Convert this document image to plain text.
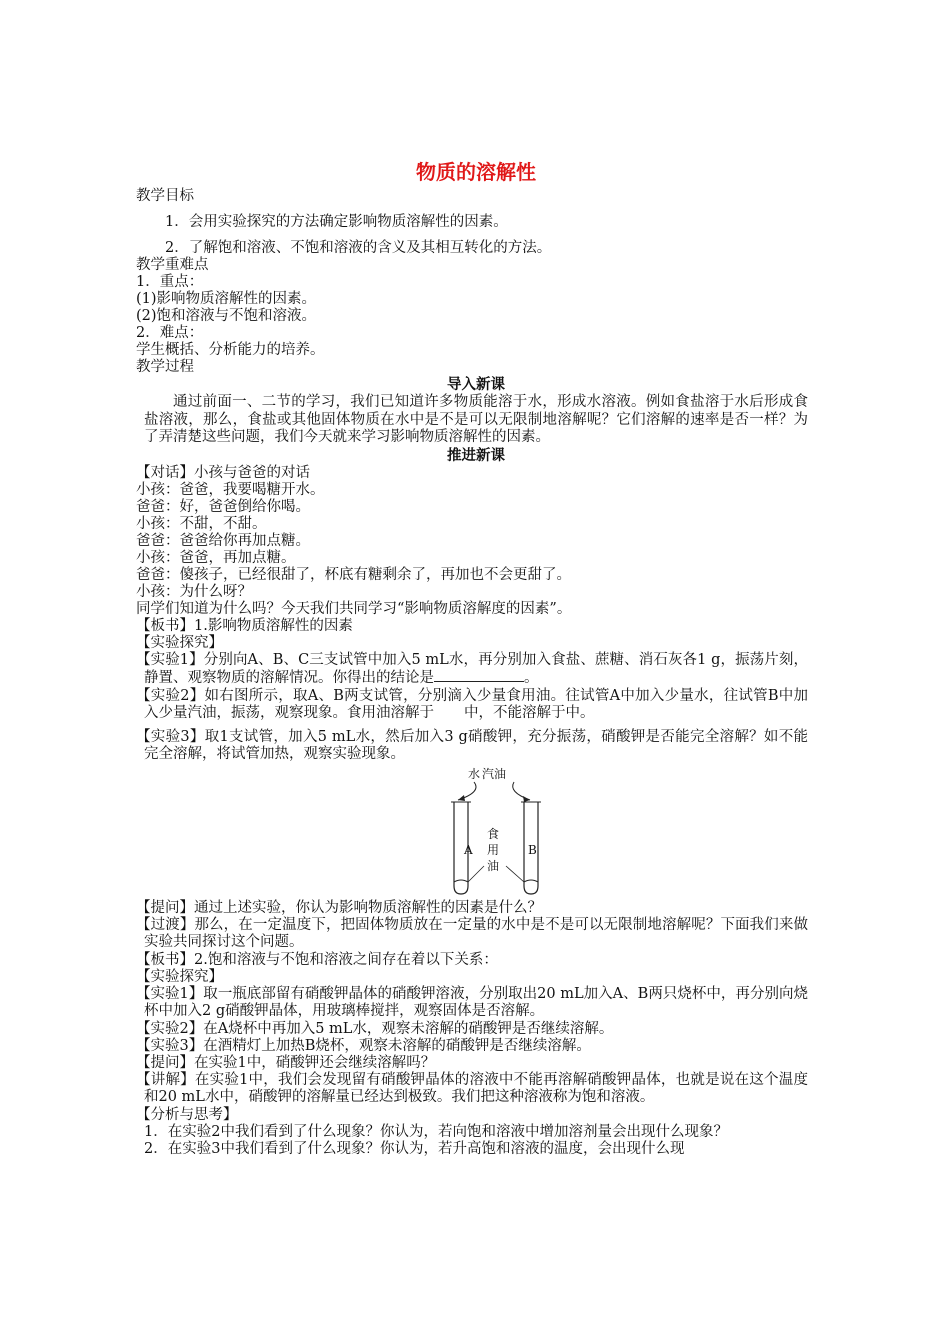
物质的溶解性

教学目标

1．会用实验探究的方法确定影响物质溶解性的因素。

2．了解饱和溶液、不饱和溶液的含义及其相互转化的方法。

教学重难点

1．重点：

(1)影响物质溶解性的因素。

(2)饱和溶液与不饱和溶液。

2．难点：

学生概括、分析能力的培养。

教学过程

导入新课

通过前面一、二节的学习，我们已知道许多物质能溶于水，形成水溶液。例如食盐溶于水后形成食盐溶液，那么，食盐或其他固体物质在水中是不是可以无限制地溶解呢？它们溶解的速率是否一样？为了弄清楚这些问题，我们今天就来学习影响物质溶解性的因素。

推进新课

【对话】小孩与爸爸的对话

小孩：爸爸，我要喝糖开水。

爸爸：好，爸爸倒给你喝。

小孩：不甜，不甜。

爸爸：爸爸给你再加点糖。

小孩：爸爸，再加点糖。

爸爸：傻孩子，已经很甜了，杯底有糖剩余了，再加也不会更甜了。

小孩：为什么呀？

同学们知道为什么吗？今天我们共同学习“影响物质溶解度的因素”。

【板书】1.影响物质溶解性的因素

【实验探究】

【实验1】分别向A、B、C三支试管中加入5 mL水，再分别加入食盐、蔗糖、消石灰各1 g，振荡片刻，静置、观察物质的溶解情况。你得出的结论是	。

【实验2】如右图所示，取A、B两支试管，分别滴入少量食用油。往试管A中加入少量水，往试管B中加入少量汽油，振荡，观察现象。食用油溶解于 中，不能溶解于中。

【实验3】取1支试管，加入5 mL水，然后加入3 g硝酸钾，充分振荡，硝酸钾是否能完全溶解？如不能完全溶解，将试管加热，观察实验现象。

水 汽油
食
用
油
A	B

【提问】通过上述实验，你认为影响物质溶解性的因素是什么？

【过渡】那么，在一定温度下，把固体物质放在一定量的水中是不是可以无限制地溶解呢？下面我们来做实验共同探讨这个问题。

【板书】2.饱和溶液与不饱和溶液之间存在着以下关系：

【实验探究】

【实验1】取一瓶底部留有硝酸钾晶体的硝酸钾溶液，分别取出20 mL加入A、B两只烧杯中，再分别向烧杯中加入2 g硝酸钾晶体，用玻璃棒搅拌，观察固体是否溶解。

【实验2】在A烧杯中再加入5 mL水，观察未溶解的硝酸钾是否继续溶解。

【实验3】在酒精灯上加热B烧杯，观察未溶解的硝酸钾是否继续溶解。

【提问】在实验1中，硝酸钾还会继续溶解吗？

【讲解】在实验1中，我们会发现留有硝酸钾晶体的溶液中不能再溶解硝酸钾晶体，也就是说在这个温度和20 mL水中，硝酸钾的溶解量已经达到极致。我们把这种溶液称为饱和溶液。

【分析与思考】

1．在实验2中我们看到了什么现象？你认为，若向饱和溶液中增加溶剂量会出现什么现象？

2．在实验3中我们看到了什么现象？你认为，若升高饱和溶液的温度，会出现什么现
